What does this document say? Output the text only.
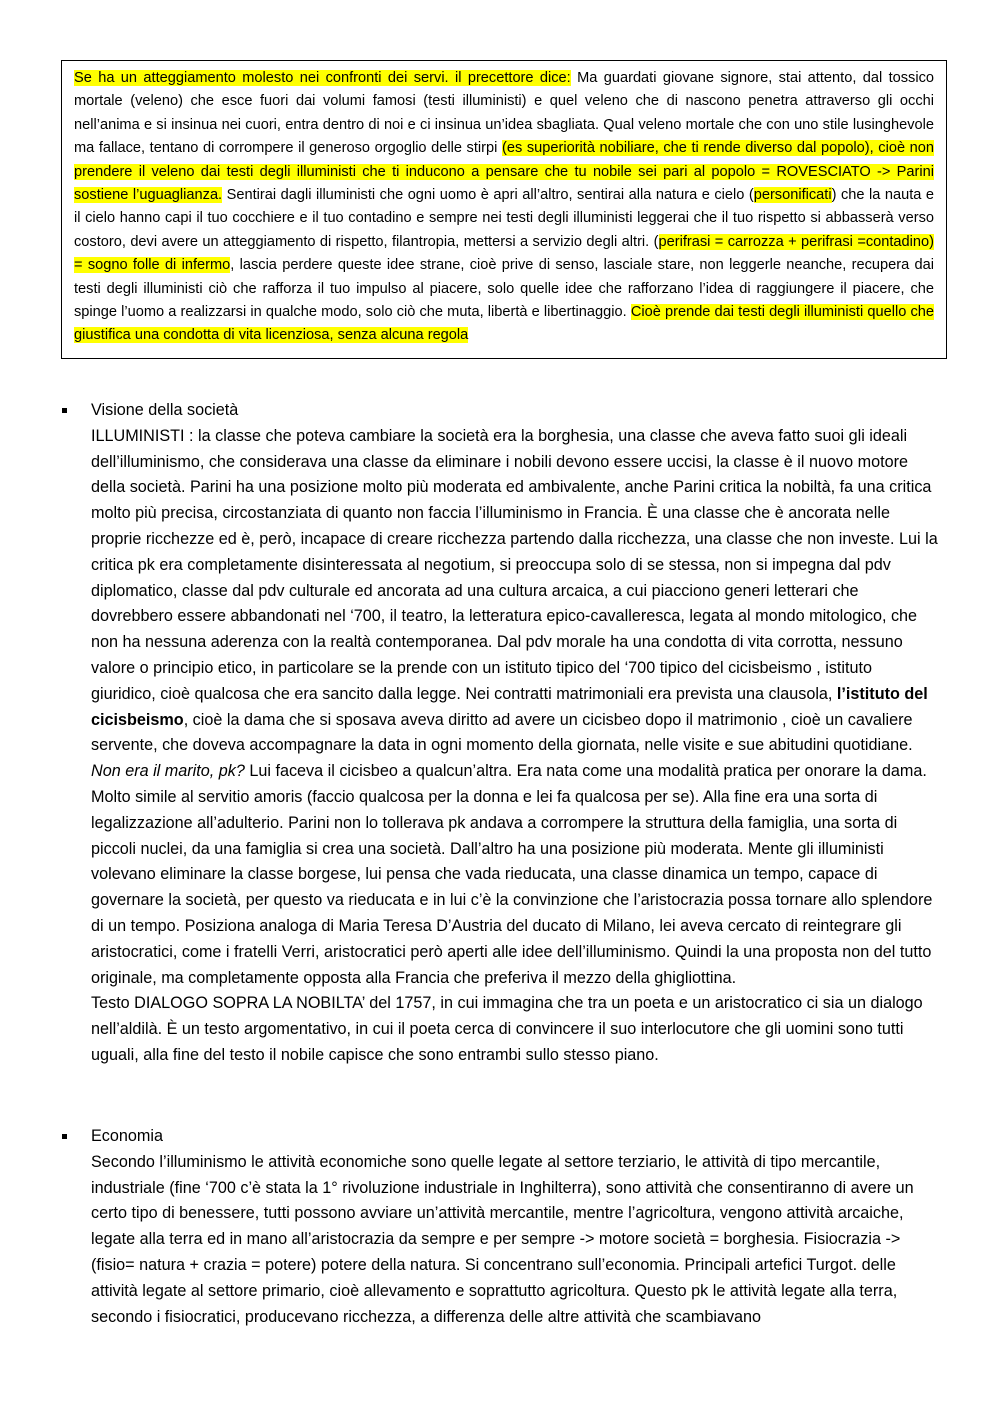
Se ha un atteggiamento molesto nei confronti dei servi. il precettore dice: Ma guardati giovane signore, stai attento, dal tossico mortale (veleno) che esce fuori dai volumi famosi (testi illuministi) e quel veleno che di nascono penetra attraverso gli occhi nell’anima e si insinua nei cuori, entra dentro di noi e ci insinua un’idea sbagliata. Qual veleno mortale che con uno stile lusinghevole ma fallace, tentano di corrompere il generoso orgoglio delle stirpi (es superiorità nobiliare, che ti rende diverso dal popolo), cioè non prendere il veleno dai testi degli illuministi che ti inducono a pensare che tu nobile sei pari al popolo = ROVESCIATO -> Parini sostiene l’uguaglianza. Sentirai dagli illuministi che ogni uomo è apri all’altro, sentirai alla natura e cielo (personificati) che la nauta e il cielo hanno capi il tuo cocchiere e il tuo contadino e sempre nei testi degli illuministi leggerai che il tuo rispetto si abbasserà verso costoro, devi avere un atteggiamento di rispetto, filantropia, mettersi a servizio degli altri. (perifrasi = carrozza + perifrasi =contadino) = sogno folle di infermo, lascia perdere queste idee strane, cioè prive di senso, lasciale stare, non leggerle neanche, recupera dai testi degli illuministi ciò che rafforza il tuo impulso al piacere, solo quelle idee che rafforzano l’idea di raggiungere il piacere, che spinge l’uomo a realizzarsi in qualche modo, solo ciò che muta, libertà e libertinaggio. Cioè prende dai testi degli illuministi quello che giustifica una condotta di vita licenziosa, senza alcuna regola
Visione della società
ILLUMINISTI : la classe che poteva cambiare la società era la borghesia, una classe che aveva fatto suoi gli ideali dell’illuminismo, che considerava una classe da eliminare i nobili devono essere uccisi, la classe è il nuovo motore della società. Parini ha una posizione molto più moderata ed ambivalente, anche Parini critica la nobiltà, fa una critica molto più precisa, circostanziata di quanto non faccia l’illuminismo in Francia. È una classe che è ancorata nelle proprie ricchezze ed è, però, incapace di creare ricchezza partendo dalla ricchezza, una classe che non investe. Lui la critica pk era completamente disinteressata al negotium, si preoccupa solo di se stessa, non si impegna dal pdv diplomatico, classe dal pdv culturale ed ancorata ad una cultura arcaica, a cui piacciono generi letterari che dovrebbero essere abbandonati nel ‘700, il teatro, la letteratura epico-cavalleresca, legata al mondo mitologico, che non ha nessuna aderenza con la realtà contemporanea. Dal pdv morale ha una condotta di vita corrotta, nessuno valore o principio etico, in particolare se la prende con un istituto tipico del ‘700 tipico del cicisbeismo , istituto giuridico, cioè qualcosa che era sancito dalla legge. Nei contratti matrimoniali era prevista una clausola, l’istituto del cicisbeismo, cioè la dama che si sposava aveva diritto ad avere un cicisbeo dopo il matrimonio , cioè un cavaliere servente, che doveva accompagnare la data in ogni momento della giornata, nelle visite e sue abitudini quotidiane. Non era il marito, pk? Lui faceva il cicisbeo a qualcun’altra. Era nata come una modalità pratica per onorare la dama. Molto simile al servitio amoris (faccio qualcosa per la donna e lei fa qualcosa per se). Alla fine era una sorta di legalizzazione all’adulterio. Parini non lo tollerava pk andava a corrompere la struttura della famiglia, una sorta di piccoli nuclei, da una famiglia si crea una società. Dall’altro ha una posizione più moderata. Mente gli illuministi volevano eliminare la classe borgese, lui pensa che vada rieducata, una classe dinamica un tempo, capace di governare la società, per questo va rieducata e in lui c’è la convinzione che l’aristocrazia possa tornare allo splendore di un tempo. Posiziona analoga di Maria Teresa D’Austria del ducato di Milano, lei aveva cercato di reintegrare gli aristocratici, come i fratelli Verri, aristocratici però aperti alle idee dell’illuminismo. Quindi la una proposta non del tutto originale, ma completamente opposta alla Francia che preferiva il mezzo della ghigliottina.
Testo DIALOGO SOPRA LA NOBILTA’ del 1757, in cui immagina che tra un poeta e un aristocratico ci sia un dialogo nell’aldilà. È un testo argomentativo, in cui il poeta cerca di convincere il suo interlocutore che gli uomini sono tutti uguali, alla fine del testo il nobile capisce che sono entrambi sullo stesso piano.
Economia
Secondo l’illuminismo le attività economiche sono quelle legate al settore terziario, le attività di tipo mercantile, industriale (fine ‘700 c’è stata la 1° rivoluzione industriale in Inghilterra), sono attività che consentiranno di avere un certo tipo di benessere, tutti possono avviare un’attività mercantile, mentre l’agricoltura, vengono attività arcaiche, legate alla terra ed in mano all’aristocrazia da sempre e per sempre -> motore società = borghesia. Fisiocrazia -> (fisio= natura + crazia = potere) potere della natura. Si concentrano sull’economia. Principali artefici Turgot. delle attività legate al settore primario, cioè allevamento e soprattutto agricoltura. Questo pk le attività legate alla terra, secondo i fisiocratici, producevano ricchezza, a differenza delle altre attività che scambiavano
